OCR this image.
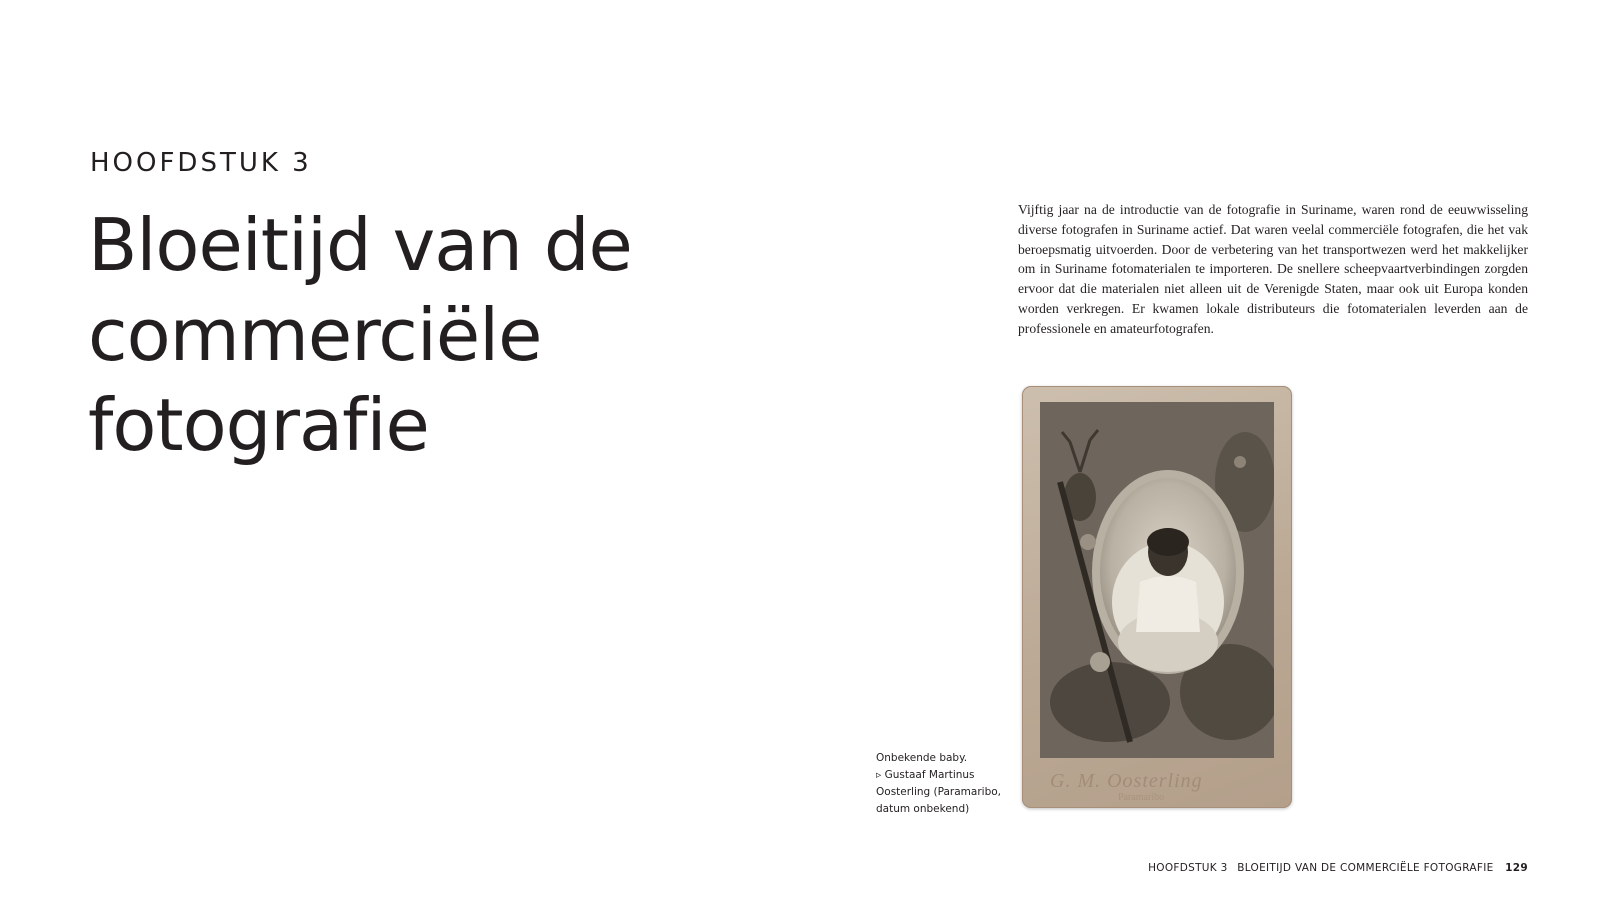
HOOFDSTUK 3
Bloeitijd van de
commerciële
fotografie

Vijftig jaar na de introductie van de fotografie in Suriname, waren rond de eeuwwisseling diverse fotografen in Suriname actief. Dat waren veelal commerciële fotografen, die het vak beroepsmatig uitvoerden. Door de verbetering van het transportwezen werd het makkelijker om in Suriname fotomaterialen te importeren. De snellere scheepvaartverbindingen zorgden ervoor dat die materialen niet alleen uit de Verenigde Staten, maar ook uit Europa konden worden verkregen. Er kwamen lokale distributeurs die fotomaterialen leverden aan de professionele en amateurfotografen.

G. M. Oosterling
Paramaribo
Onbekende baby.
▹ Gustaaf Martinus
Oosterling (Paramaribo,
datum onbekend)
HOOFDSTUK 3 BLOEITIJD VAN DE COMMERCIËLE FOTOGRAFIE 129
